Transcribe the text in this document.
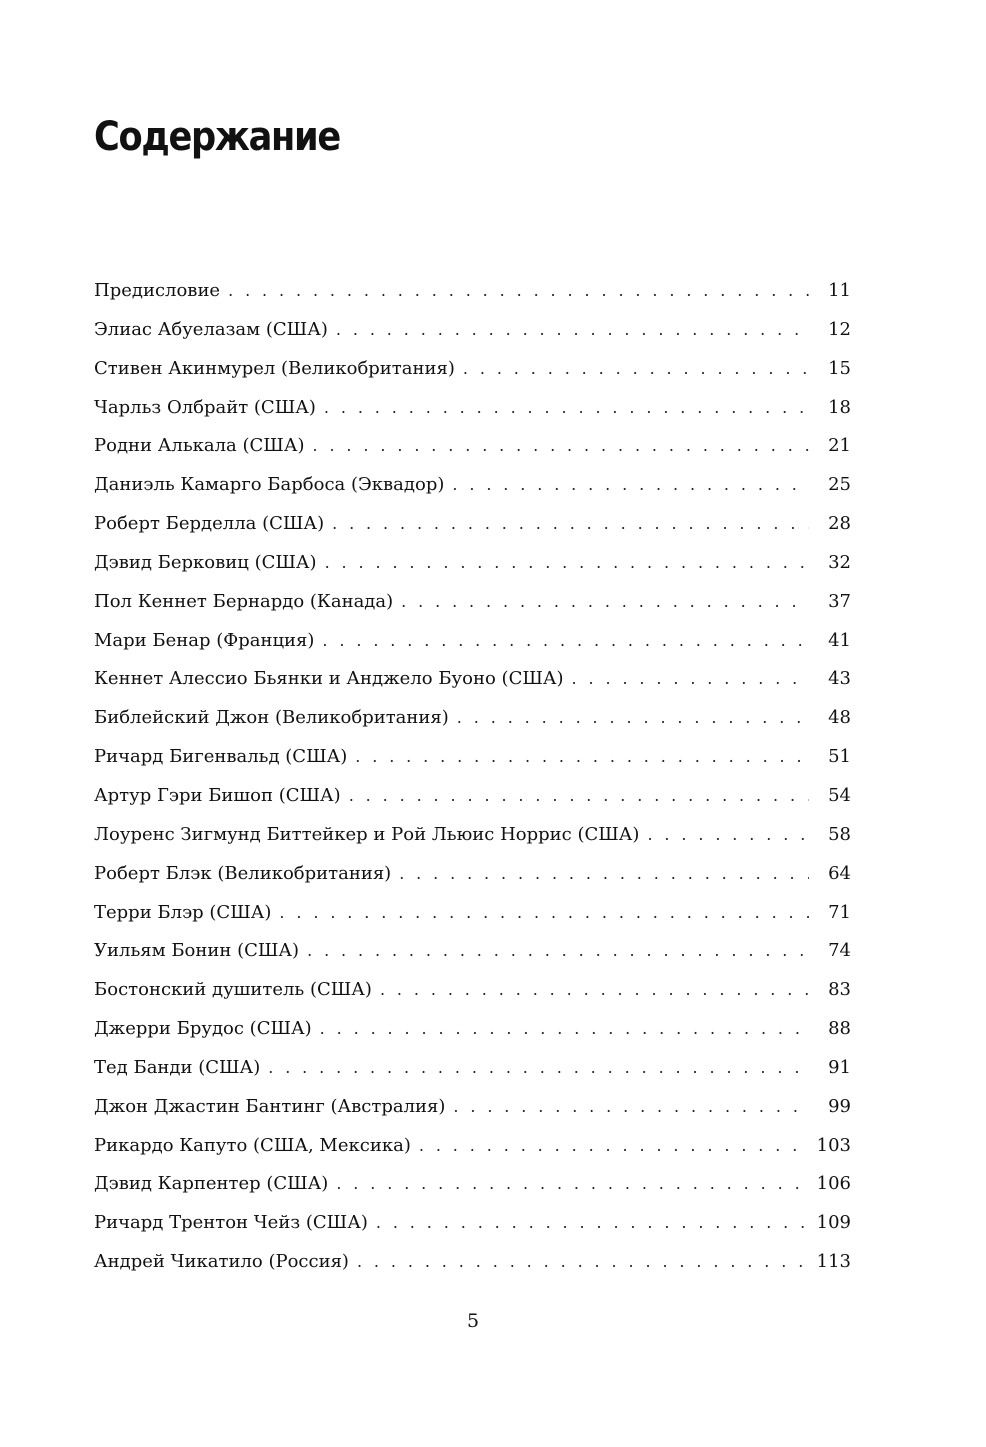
Содержание
Предисловие . . .	11
Элиас Абуелазам (США) . . .	12
Стивен Акинмурел (Великобритания) . . .	15
Чарльз Олбрайт (США) . . .	18
Родни Алькала (США) . . .	21
Даниэль Камарго Барбоса (Эквадор) . . .	25
Роберт Берделла (США) . . .	28
Дэвид Берковиц (США) . . .	32
Пол Кеннет Бернардо (Канада) . . .	37
Мари Бенар (Франция) . . .	41
Кеннет Алессио Бьянки и Анджело Буоно (США) . . .	43
Библейский Джон (Великобритания) . . .	48
Ричард Бигенвальд (США) . . .	51
Артур Гэри Бишоп (США) . . .	54
Лоуренс Зигмунд Биттейкер и Рой Льюис Норрис (США) . . .	58
Роберт Блэк (Великобритания) . . .	64
Терри Блэр (США) . . .	71
Уильям Бонин (США) . . .	74
Бостонский душитель (США) . . .	83
Джерри Брудос (США) . . .	88
Тед Банди (США) . . .	91
Джон Джастин Бантинг (Австралия) . . .	99
Рикардо Капуто (США, Мексика) . . .	103
Дэвид Карпентер (США) . . .	106
Ричард Трентон Чейз (США) . . .	109
Андрей Чикатило (Россия) . . .	113
5
